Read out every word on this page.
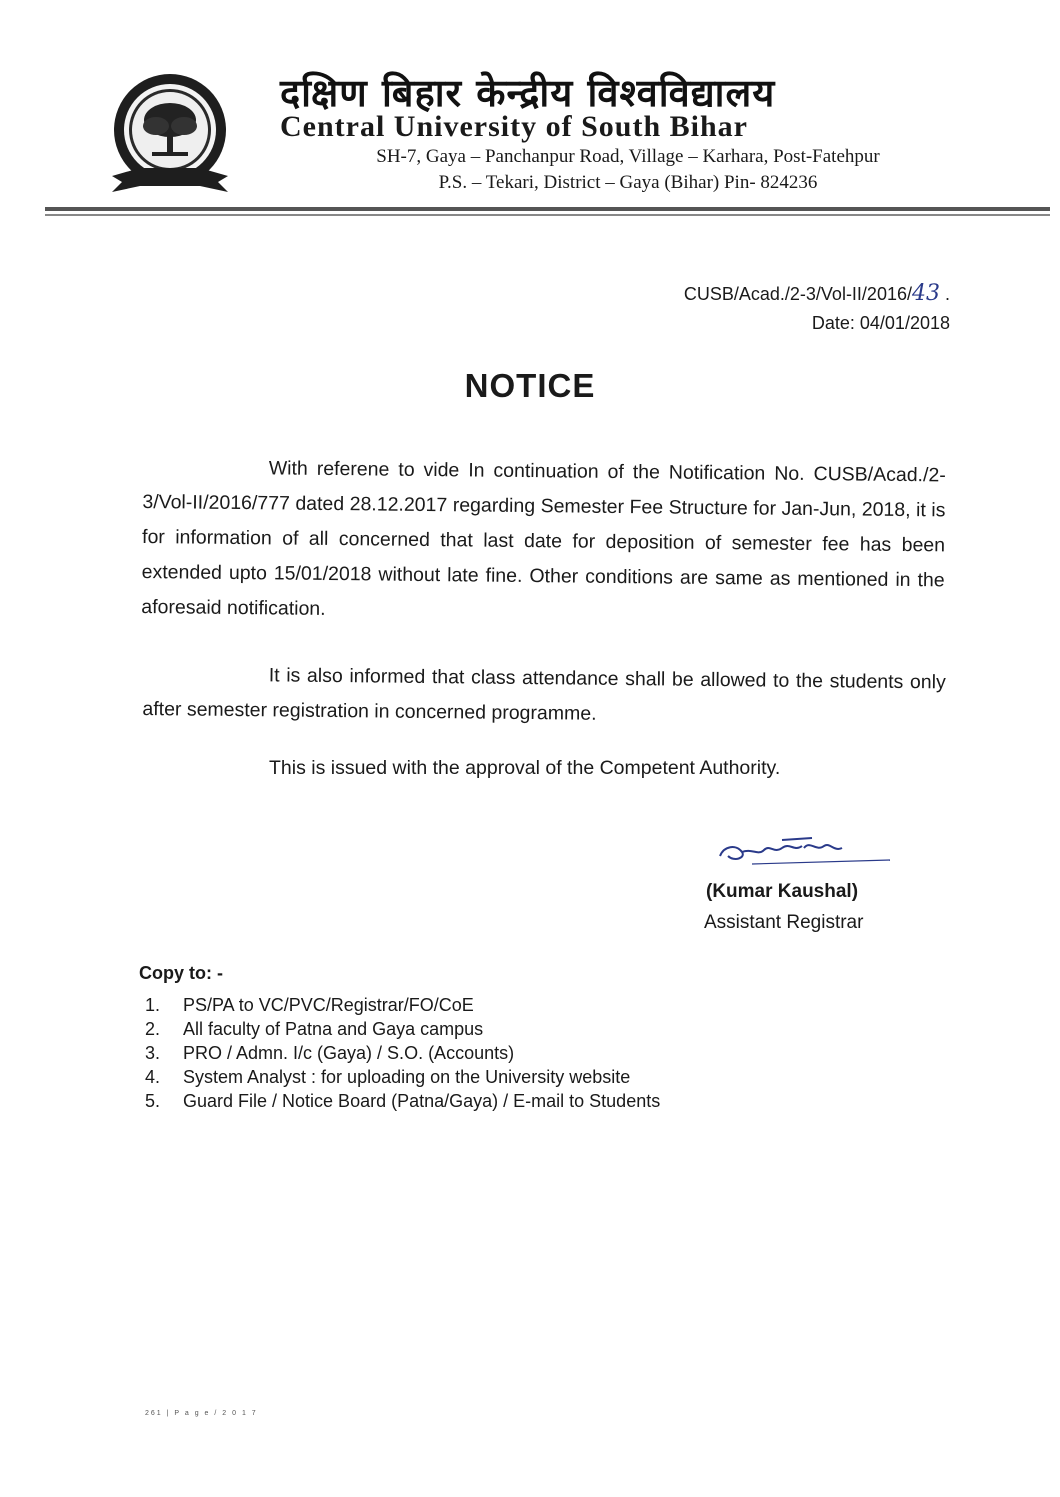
दक्षिण बिहार केन्द्रीय विश्वविद्यालय
Central University of South Bihar
SH-7, Gaya – Panchanpur Road, Village – Karhara, Post-Fatehpur
P.S. – Tekari, District – Gaya (Bihar) Pin- 824236
CUSB/Acad./2-3/Vol-II/2016/43 .
Date: 04/01/2018
NOTICE
With referene to vide In continuation of the Notification No. CUSB/Acad./2-3/Vol-II/2016/777 dated 28.12.2017 regarding Semester Fee Structure for Jan-Jun, 2018, it is for information of all concerned that last date for deposition of semester fee has been extended upto 15/01/2018 without late fine. Other conditions are same as mentioned in the aforesaid notification.
It is also informed that class attendance shall be allowed to the students only after semester registration in concerned programme.
This is issued with the approval of the Competent Authority.
(Kumar Kaushal)
Assistant Registrar
Copy to: -
1. PS/PA to VC/PVC/Registrar/FO/CoE
2. All faculty of Patna and Gaya campus
3. PRO / Admn. I/c (Gaya) / S.O. (Accounts)
4. System Analyst : for uploading on the University website
5. Guard File / Notice Board (Patna/Gaya) / E-mail to Students
261 | P a g e / 2 0 1 7
